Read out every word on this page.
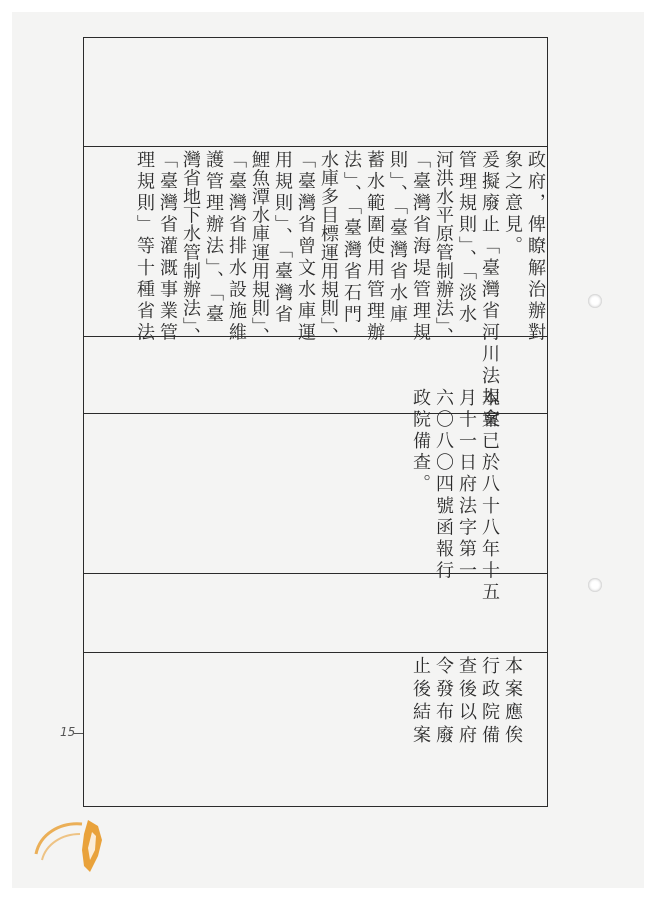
政府，俾瞭解治辦對
象之意見。
爰擬廢止「臺灣省河川法規會
管理規則」、「淡水
河洪水平原管制辦法」、
「臺灣省海堤管理規
則」、「臺灣省水庫
蓄水範圍使用管理辦
法」、「臺灣省石門
水庫多目標運用規則」、
「臺灣省曾文水庫運
用規則」、「臺灣省
鯉魚潭水庫運用規則」、
「臺灣省排水設施維
護管理辦法」、「臺
灣省地下水管制辦法」、
「臺灣省灌溉事業管
理規則」等十種省法
本案已於八十八年十五
月十一日府法字第一
六〇八〇四號函報行
政院備查。
本案應俟
行政院備
查後以府
令發布廢
止後結案
15
